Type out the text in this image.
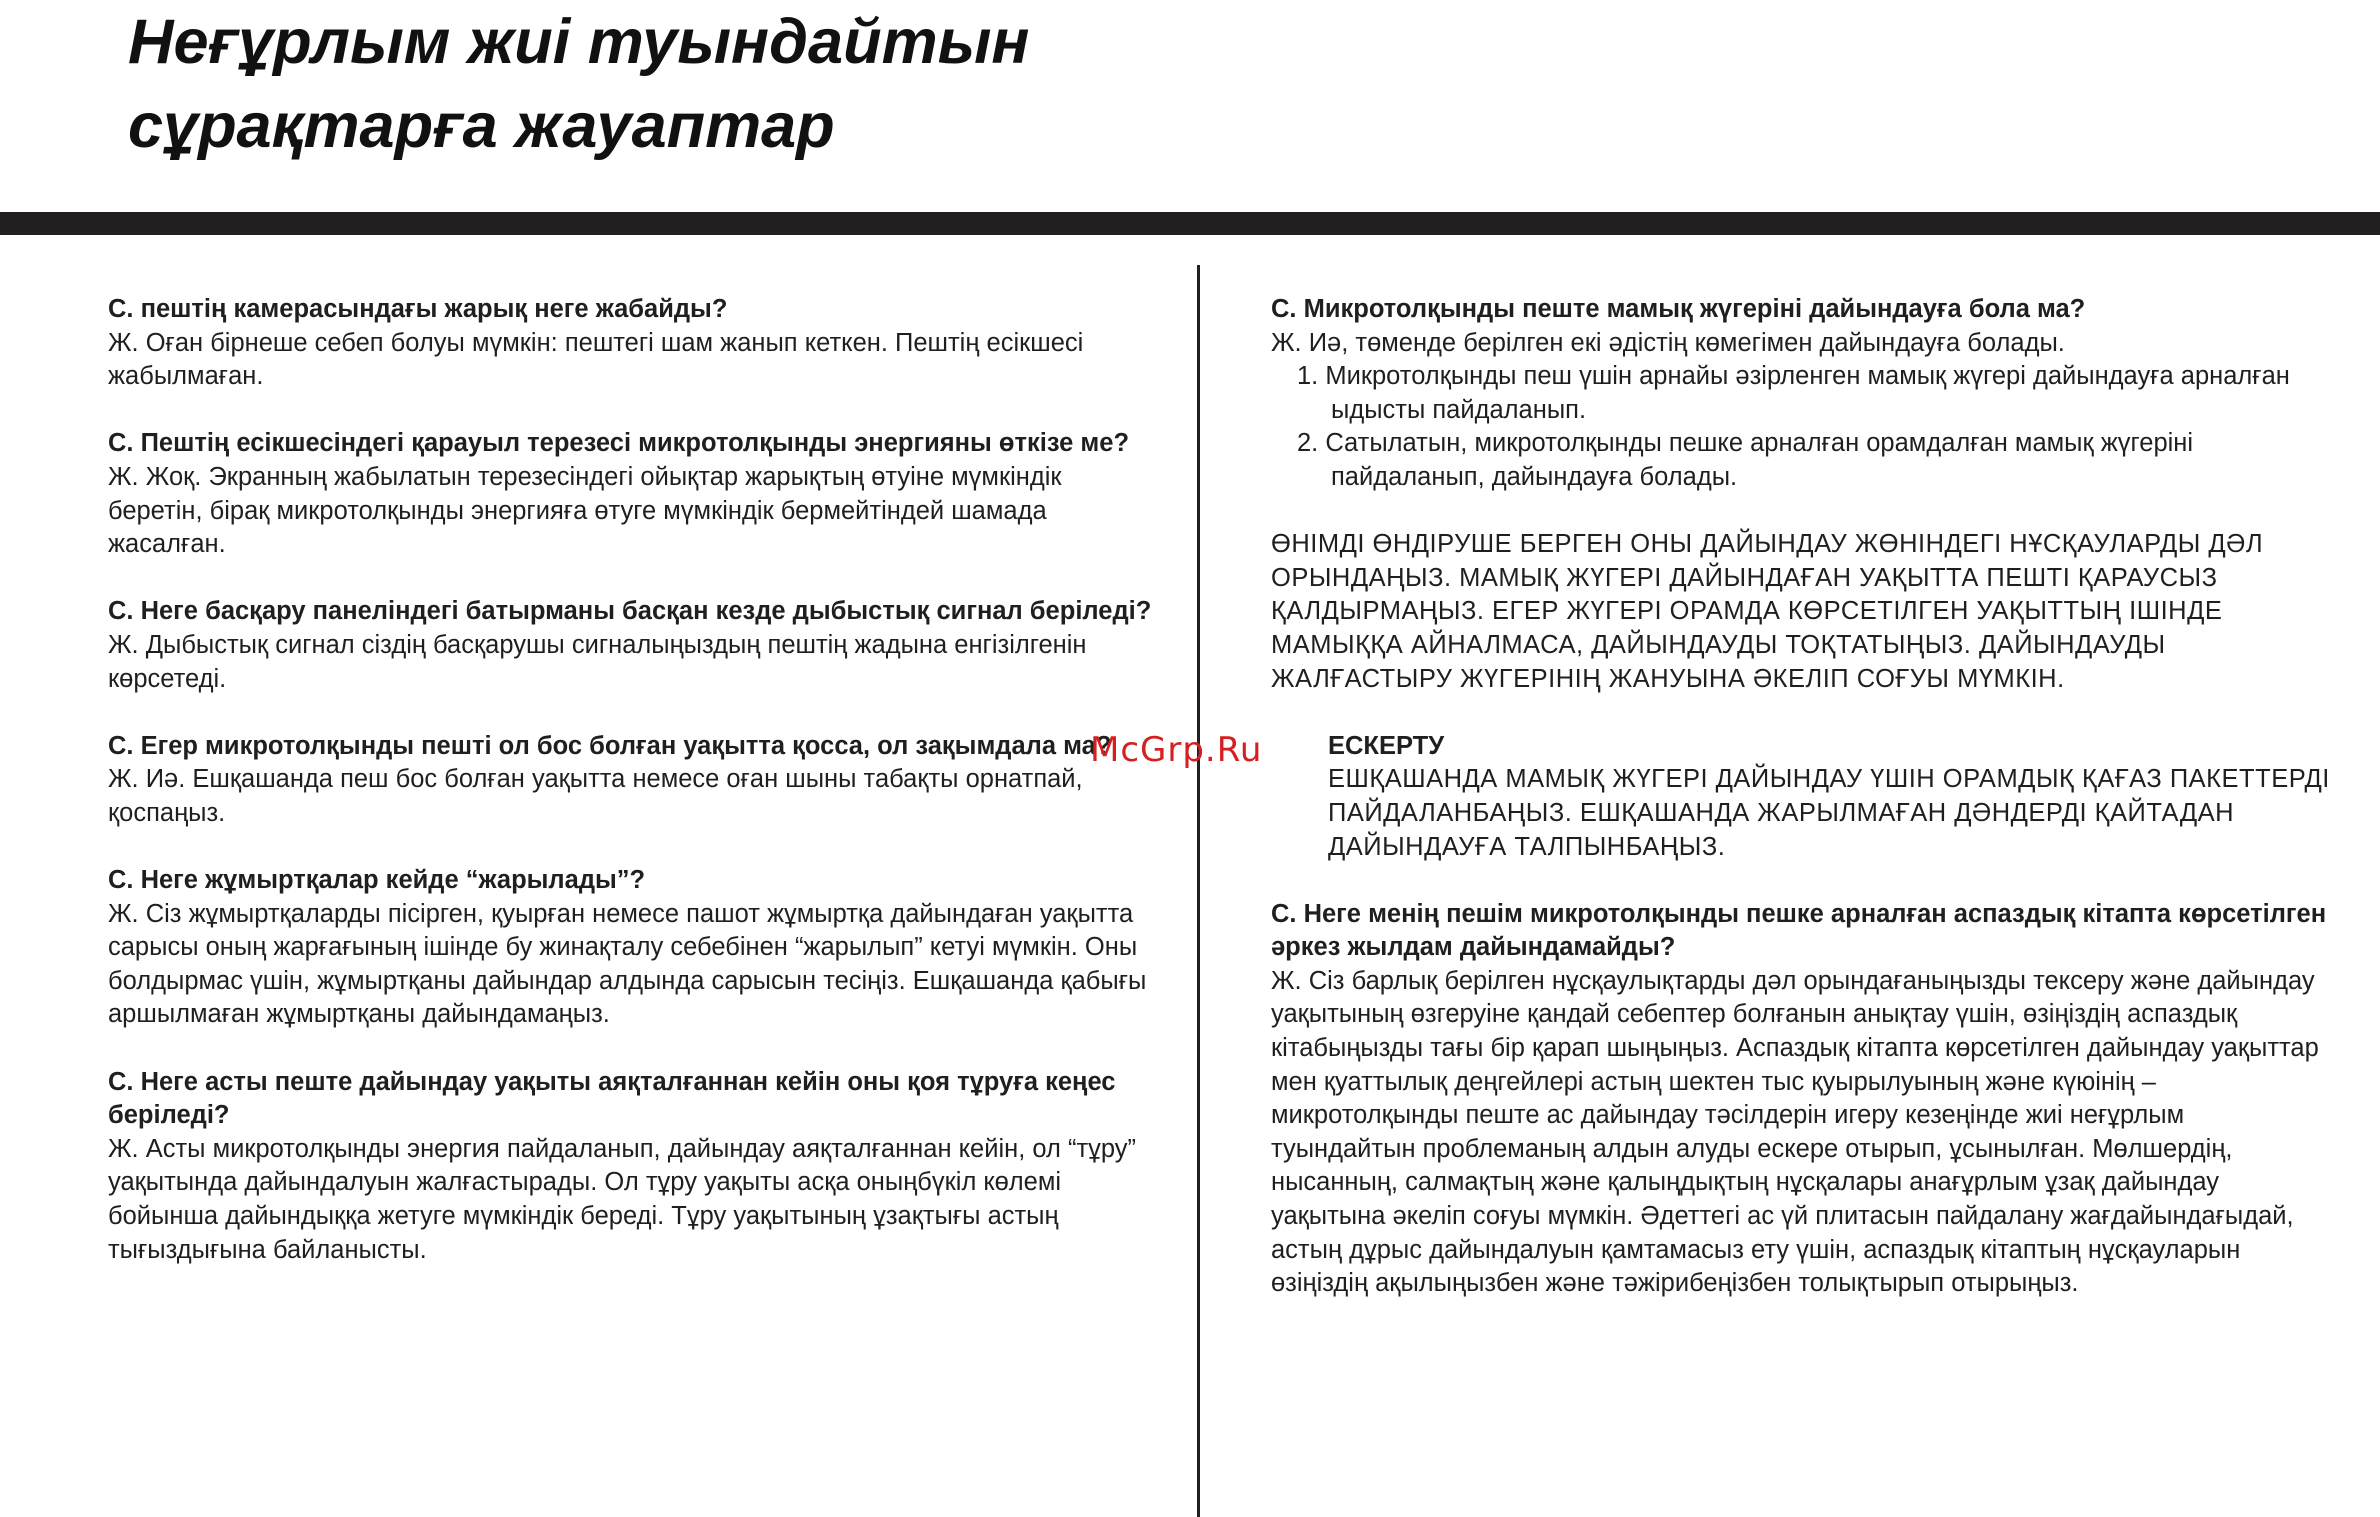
Неғұрлым жиі туындайтын
сұрақтарға жауаптар
С. пештің камерасындағы жарық неге жабайды?
Ж. Оған бірнеше себеп болуы мүмкін: пештегі шам жанып кеткен. Пештің есікшесі жабылмаған.
С. Пештің есікшесіндегі қарауыл терезесі микротолқынды энергияны өткізе ме?
Ж. Жоқ. Экранның жабылатын терезесіндегі ойықтар жарықтың өтуіне мүмкіндік беретін, бірақ микротолқынды энергияға өтуге мүмкіндік бермейтіндей шамада жасалған.
С. Неге басқару панеліндегі батырманы басқан кезде дыбыстық сигнал беріледі?
Ж. Дыбыстық сигнал сіздің басқарушы сигналыңыздың пештің жадына енгізілгенін көрсетеді.
С. Егер микротолқынды пешті ол бос болған уақытта қосса, ол зақымдала ма?
Ж. Иә. Ешқашанда пеш бос болған уақытта немесе оған шыны табақты орнатпай, қоспаңыз.
С. Неге жұмыртқалар кейде “жарылады”?
Ж. Сіз жұмыртқаларды пісірген, қуырған немесе пашот жұмыртқа дайындаған уақытта сарысы оның жарғағының ішінде бу жинақталу себебінен “жарылып” кетуі мүмкін. Оны болдырмас үшін, жұмыртқаны дайындар алдында сарысын тесіңіз. Ешқашанда қабығы аршылмаған жұмыртқаны дайындамаңыз.
С. Неге асты пеште дайындау уақыты аяқталғаннан кейін оны қоя тұруға кеңес беріледі?
Ж. Асты микротолқынды энергия пайдаланып, дайындау аяқталғаннан кейін, ол “тұру” уақытында дайындалуын жалғастырады. Ол тұру уақыты асқа оныңбүкіл көлемі бойынша дайындыққа жетуге мүмкіндік береді. Тұру уақытының ұзақтығы астың тығыздығына байланысты.
С. Микротолқынды пеште мамық жүгеріні дайындауға бола ма?
Ж. Иә, төменде берілген екі әдістің көмегімен дайындауға болады.
1. Микротолқынды пеш үшін арнайы әзірленген мамық жүгері дайындауға арналған ыдысты пайдаланып.
2. Сатылатын, микротолқынды пешке арналған орамдалған мамық жүгеріні пайдаланып, дайындауға болады.
ӨНІМДІ ӨНДІРУШЕ БЕРГЕН ОНЫ ДАЙЫНДАУ ЖӨНІНДЕГІ НҰСҚАУЛАРДЫ ДӘЛ ОРЫНДАҢЫЗ. МАМЫҚ ЖҮГЕРІ ДАЙЫНДАҒАН УАҚЫТТА ПЕШТІ ҚАРАУСЫЗ ҚАЛДЫРМАҢЫЗ. ЕГЕР ЖҮГЕРІ ОРАМДА КӨРСЕТІЛГЕН УАҚЫТТЫҢ ІШІНДЕ МАМЫҚҚА АЙНАЛМАСА, ДАЙЫНДАУДЫ ТОҚТАТЫҢЫЗ. ДАЙЫНДАУДЫ ЖАЛҒАСТЫРУ ЖҮГЕРІНІҢ ЖАНУЫНА ӘКЕЛІП СОҒУЫ МҮМКІН.
ЕСКЕРТУ
ЕШҚАШАНДА МАМЫҚ ЖҮГЕРІ ДАЙЫНДАУ ҮШІН ОРАМДЫҚ ҚАҒАЗ ПАКЕТТЕРДІ ПАЙДАЛАНБАҢЫЗ. ЕШҚАШАНДА ЖАРЫЛМАҒАН ДӘНДЕРДІ ҚАЙТАДАН ДАЙЫНДАУҒА ТАЛПЫНБАҢЫЗ.
С. Неге менің пешім микротолқынды пешке арналған аспаздық кітапта көрсетілген әркез жылдам дайындамайды?
Ж. Сіз барлық берілген нұсқаулықтарды дәл орындағаныңызды тексеру және дайындау уақытының өзгеруіне қандай себептер болғанын анықтау үшін, өзіңіздің аспаздық кітабыңызды тағы бір қарап шыңыңыз. Аспаздық кітапта көрсетілген дайындау уақыттар мен қуаттылық деңгейлері астың шектен тыс қуырылуының және күюінің – микротолқынды пеште ас дайындау тәсілдерін игеру кезеңінде жиі неғұрлым туындайтын проблеманың алдын алуды ескере отырып, ұсынылған. Мөлшердің, нысанның, салмақтың және қалыңдықтың нұсқалары анағұрлым ұзақ дайындау уақытына әкеліп соғуы мүмкін. Әдеттегі ас үй плитасын пайдалану жағдайындағыдай, астың дұрыс дайындалуын қамтамасыз ету үшін, аспаздық кітаптың нұсқауларын өзіңіздің ақылыңызбен және тәжірибеңізбен толықтырып отырыңыз.
McGrp.Ru
